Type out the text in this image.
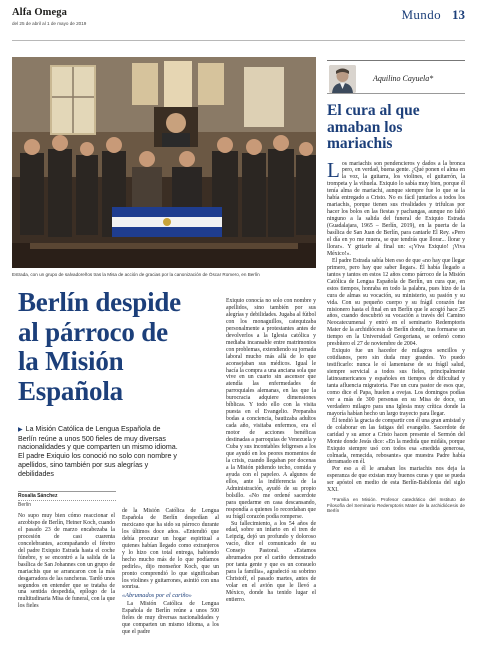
Alfa Omega
del 25 de abril al 1 de mayo de 2019
Mundo 13
Estrada, con un grupo de salvadoreños tras la Misa de acción de gracias por la canonización de Óscar Romero, en Berlín
Berlín despide al párroco de la Misión Española
▶ La Misión Católica de Lengua Española de Berlín reúne a unos 500 fieles de muy diversas nacionalidades y que comparten un mismo idioma. El padre Exiquio los conoció no solo con nombre y apellidos, sino también por sus alegrías y debilidades
Rosalía Sánchez
Berlín

No supo muy bien cómo reaccionar el arzobispo de Berlín, Heiner Koch, cuando el pasado 23 de marzo encabezaba la procesión de casi cuarenta concelebrantes, acompañando el féretro del padre Exiquio Estrada hasta el coche fúnebre, y se encontró a la salida de la basílica de San Johannes con un grupo de mariachis que se arrancaron con la más desgarradora de las rancheras. Tardó unos segundos en entender que se trataba de una sentida despedida, epílogo de la multitudinaria Misa de funeral, con la que los fieles

de la Misión Católica de Lengua Española de Berlín despedían al mexicano que ha sido su párroco durante los últimos doce años. «Entendió que debía procurar un hogar espiritual a quienes habían llegado como extranjeros y lo hizo con total entrega, habiendo hecho mucho más de lo que podíamos pedirle», dijo monseñor Koch, que un pronto comprendió lo que significaban los violines y guitarrones, asintió con una sonrisa.

«Abrumados por el cariño»

La Misión Católica de Lengua Española de Berlín reúne a unos 500 fieles de muy diversas nacionalidades y que comparten un mismo idioma, a los que el padre

Exiquio conocía no solo con nombre y apellidos, sino también por sus alegrías y debilidades. Jugaba al fútbol con los monaguillos, catequizaba personalmente a protestantes antes de devolverlos a la Iglesia católica y mediaba incansable entre matrimonios con problemas, extendiendo su jornada laboral mucho más allá de lo que aconsejaban sus médicos. Igual le hacía la compra a una anciana sola que vive en un cuarto sin ascensor que atendía las enfermedades de parroquiales alemanas, en las que la burocracia adquiere dimensiones bíblicas. Y todo ello con la visita puesta en el Evangelio. Preparaba bodas a conciencia, bautizaba adultos cada año, visitaba enfermos, era el motor de acciones benéficas destinadas a parroquias de Venezuela y Cuba y sus incontables feligreses a los que ayudó en los peores momentos de la crisis, cuando llegaban por docenas a la Misión pidiendo techo, comida y ayuda con el papeleo. A algunos de ellos, ante la indiferencia de la Administración, ayudó de su propio bolsillo. «No me ordené sacerdote para quedarme en casa descansando, respondía a quienes lo recordaban que su frágil corazón podía romperse.

Su fallecimiento, a los 54 años de edad, sobre un infarto en el tren de Leipzig, dejó un profundo y doloroso vacío, dice el comunicado de su Consejo Pastoral. «Estamos abrumados por el cariño demostrado por tanta gente y que es un consuelo para la familia», agradeció su sobrino Christoff, el pasado martes, antes de volar en el avión que le llevó a México, donde ha tenido lugar el entierro.

Aquilino Cayuela*
El cura al que amaban los mariachis

Los mariachis son pendencieros y dados a la bronca pero, en verdad, buena gente. ¿Qué ponen el alma en la voz, la guitarra, los violines, el guitarrón, la trompeta y la vihuela. Exiquio lo sabía muy bien, porque él tenía alma de mariachi, aunque siempre fue lo que se la había entregado a Cristo. No es fácil juntarlos a todos los mariachis, porque tienen sus rivalidades y trifulcas por hacer los bolos en las fiestas y pachangas, aunque no faltó ninguno a la salida del funeral de Exiquio Estrada (Guadalajara, 1965 – Berlín, 2019), en la puerta de la basílica de San Juan de Berlín, para cantarle El Rey. «Pero el día en yo me muera, se que tendrás que llorar... llorar y llorar». Y gritarle al final un: «¡Viva Exiquio! ¡Viva México!».

El padre Estrada sabía bien eso de que «no hay que llegar primero, pero hay que saber llegar». Él había llegado a tantos y tantos en estos 12 años como párroco de la Misión Católica de Lengua Española de Berlín, un cura que, en estos tiempos, honraba en todo la palabra, pues hizo de la cura de almas su vocación, su ministerio, su pasión y su vida. Con su pequeño cuerpo y su frágil corazón fue misionero hasta el final en un Berlín que le acogió hace 25 años, cuando descubrió su vocación a través del Camino Neocatecumenal y entró en el seminario Redemptoris Mater de la archidiócesis de Berlín donde, tras formarse un tiempo en la Universidad Gregoriana, se ordenó como presbítero el 27 de noviembre de 2004.

Exiquio fue un hacedor de milagros sencillos y cotidianos, pero sin duda muy grandes. Yo puedo testificarlo: nunca le oí lamentarse de su frágil salud, siempre servicial a todos sus fieles, principalmente latinoamericanos y españoles en tiempos de dificultad y tanta afluencia migratoria. Fue un cura pastor de esos que, como dice el Papa, huelen a ovejas. Los domingos podías ver a más de 300 personas en su Misa de doce, un verdadero milagro para una Iglesia muy crítica donde la mayoría habían hecho un largo trayecto para llegar.

Él tendió la gracia de compartir con él una gran amistad y de colaborar en las fatigas del evangelio. Sacerdote de caridad y su amor a Cristo hacen presente el Sermón del Monte donde Jesús dice: «En la medida que midáis, porque Exiquio siempre usó con todos esa «medida generosa, colmada, remecida, rebosante» que muestra Padre había derramado en él.

Por eso a él le amaban los mariachis nos deja la esperanza de que existan muy buenos curas y que se pueda ser apóstol en medio de esta Berlín-Babilonia del siglo XXI.

*Familia en Misión. Profesor catedrático del Instituto de Filosofía del Seminario Redemptoris Mater de la archidiócesis de Berlín
